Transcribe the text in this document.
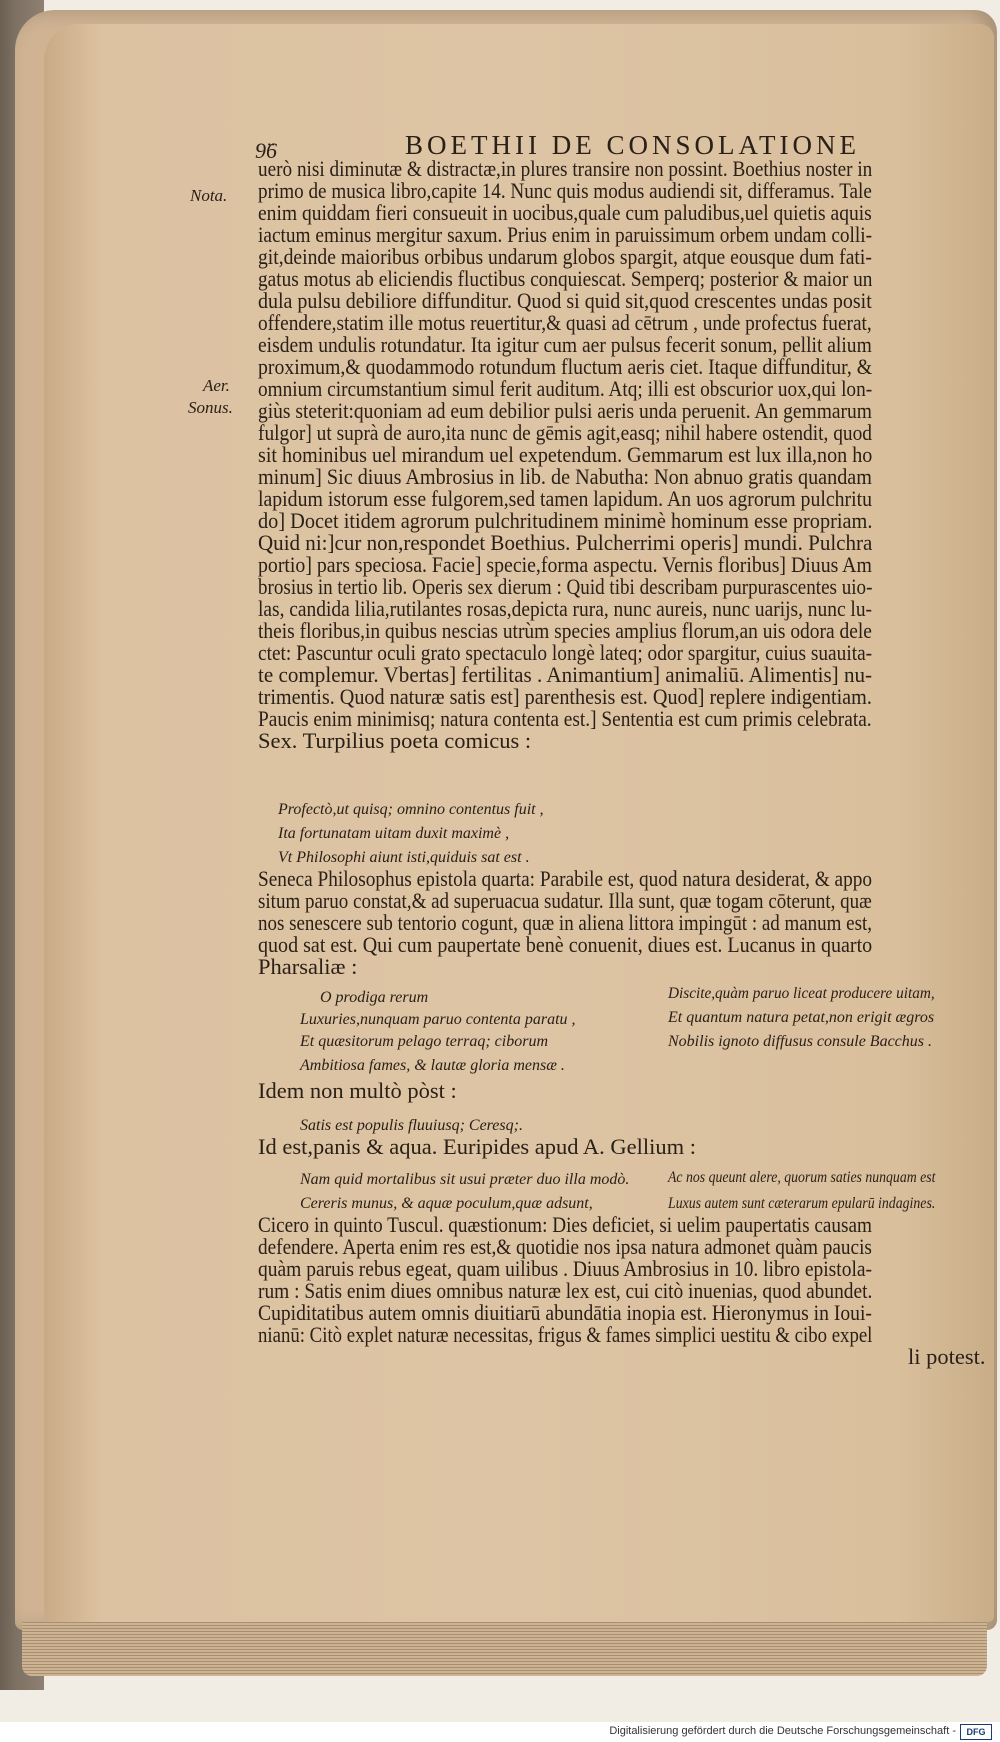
9̈6	BOETHII DE CONSOLATIONE
Nota.
Aer.
Sonus.
uerò nisi diminutæ & distractæ,in plures transire non possint. Boethius noster in
primo de musica libro,capite 14. Nunc quis modus audiendi sit, differamus. Tale
enim quiddam fieri consueuit in uocibus,quale cum paludibus,uel quietis aquis
iactum eminus mergitur saxum. Prius enim in paruissimum orbem undam colli-
git,deinde maioribus orbibus undarum globos spargit, atque eousque dum fati-
gatus motus ab eliciendis fluctibus conquiescat. Semperq; posterior & maior un
dula pulsu debiliore diffunditur. Quod si quid sit,quod crescentes undas posit
offendere,statim ille motus reuertitur,& quasi ad cētrum , unde profectus fuerat,
eisdem undulis rotundatur. Ita igitur cum aer pulsus fecerit sonum, pellit alium
proximum,& quodammodo rotundum fluctum aeris ciet. Itaque diffunditur, &
omnium circumstantium simul ferit auditum. Atq; illi est obscurior uox,qui lon-
giùs steterit:quoniam ad eum debilior pulsi aeris unda peruenit. An gemmarum
fulgor] ut suprà de auro,ita nunc de gēmis agit,easq; nihil habere ostendit, quod
sit hominibus uel mirandum uel expetendum. Gemmarum est lux illa,non ho
minum] Sic diuus Ambrosius in lib. de Nabutha: Non abnuo gratis quandam
lapidum istorum esse fulgorem,sed tamen lapidum. An uos agrorum pulchritu
do] Docet itidem agrorum pulchritudinem minimè hominum esse propriam.
Quid ni:]cur non,respondet Boethius. Pulcherrimi operis] mundi. Pulchra
portio] pars speciosa. Facie] specie,forma aspectu. Vernis floribus] Diuus Am
brosius in tertio lib. Operis sex dierum : Quid tibi describam purpurascentes uio-
las, candida lilia,rutilantes rosas,depicta rura, nunc aureis, nunc uarijs, nunc lu-
theis floribus,in quibus nescias utrùm species amplius florum,an uis odora dele
ctet: Pascuntur oculi grato spectaculo longè lateq; odor spargitur, cuius suauita-
te complemur. Vbertas] fertilitas . Animantium] animaliū. Alimentis] nu-
trimentis. Quod naturæ satis est] parenthesis est. Quod] replere indigentiam.
Paucis enim minimisq; natura contenta est.] Sententia est cum primis celebrata.
Sex. Turpilius poeta comicus :
Profectò,ut quisq; omnino contentus fuit ,
Ita fortunatam uitam duxit maximè ,
Vt Philosophi aiunt isti,quiduis sat est .
Seneca Philosophus epistola quarta: Parabile est, quod natura desiderat, & appo
situm paruo constat,& ad superuacua sudatur. Illa sunt, quæ togam cōterunt, quæ
nos senescere sub tentorio cogunt, quæ in aliena littora impingūt : ad manum est,
quod sat est. Qui cum paupertate benè conuenit, diues est. Lucanus in quarto
Pharsaliæ :
O prodiga rerum
Luxuries,nunquam paruo contenta paratu ,
Et quæsitorum pelago terraq; ciborum
Ambitiosa fames, & lautæ gloria mensæ .
Discite,quàm paruo liceat producere uitam,
Et quantum natura petat,non erigit ægros
Nobilis ignoto diffusus consule Bacchus .
Idem non multò pòst :
Satis est populis fluuiusq; Ceresq;.
Id est,panis & aqua. Euripides apud A. Gellium :
Nam quid mortalibus sit usui præter duo illa modò.
Cereris munus, & aquæ poculum,quæ adsunt,
Ac nos queunt alere, quorum saties nunquam est
Luxus autem sunt cæterarum epularū indagines.
Cicero in quinto Tuscul. quæstionum: Dies deficiet, si uelim paupertatis causam
defendere. Aperta enim res est,& quotidie nos ipsa natura admonet quàm paucis
quàm paruis rebus egeat, quam uilibus . Diuus Ambrosius in 10. libro epistola-
rum : Satis enim diues omnibus naturæ lex est, cui citò inuenias, quod abundet.
Cupiditatibus autem omnis diuitiarū abundātia inopia est. Hieronymus in Ioui-
nianū: Citò explet naturæ necessitas, frigus & fames simplici uestitu & cibo expel
li potest.
Digitalisierung gefördert durch die Deutsche Forschungsgemeinschaft -	DFG
